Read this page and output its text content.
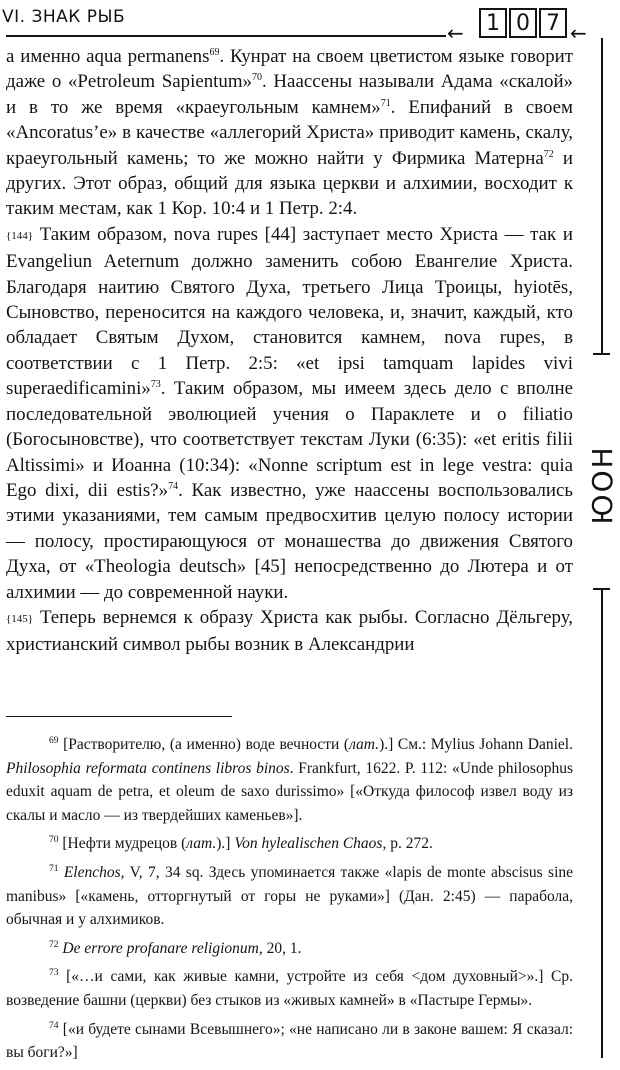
VI. ЗНАК РЫБ
←	1 0 7 ←
ЮОН

а именно aqua permanens$^{69}$. Кунрат на своем цветистом языке говорит даже о «Petroleum Sapientum»$^{70}$. Наассены называли Адама «скалой» и в то же время «краеугольным камнем»$^{71}$. Епифаний в своем «Ancoratus’e» в качестве «аллегорий Христа» приводит камень, скалу, краеугольный камень; то же можно найти у Фирмика Матерна$^{72}$ и других. Этот образ, общий для языка церкви и алхимии, восходит к таким местам, как 1 Кор. 10:4 и 1 Петр. 2:4.

{144} Таким образом, nova rupes [44] заступает место Христа — так и Evangeliun Aeternum должно заменить собою Евангелие Христа. Благодаря наитию Святого Духа, третьего Лица Троицы, hyiotēs, Сыновство, переносится на каждого человека, и, значит, каждый, кто обладает Святым Духом, становится камнем, nova rupes, в соответствии с 1 Петр. 2:5: «et ipsi tamquam lapides vivi superaedificamini»$^{73}$. Таким образом, мы имеем здесь дело с вполне последовательной эволюцией учения о Параклете и о filiatio (Богосыновстве), что соответствует текстам Луки (6:35): «et eritis filii Altissimi» и Иоанна (10:34): «Nonne scriptum est in lege vestra: quia Ego dixi, dii estis?»$^{74}$. Как известно, уже наассены воспользовались этими указаниями, тем самым предвосхитив целую полосу истории — полосу, простирающуюся от монашества до движения Святого Духа, от «Theologia deutsch» [45] непосредственно до Лютера и от алхимии — до современной науки.

{145} Теперь вернемся к образу Христа как рыбы. Согласно Дёльгеру, христианский символ рыбы возник в Александрии

$^{69}$ [Растворителю, (а именно) воде вечности (лат.).] См.: Mylius Johann Daniel. Philosophia reformata continens libros binos. Frankfurt, 1622. P. 112: «Unde philosophus eduxit aquam de petra, et oleum de saxo durissimo» [«Откуда философ извел воду из скалы и масло — из твердейших каменьев»].

$^{70}$ [Нефти мудрецов (лат.).] Von hylealischen Chaos, p. 272.

$^{71}$ Elenchos, V, 7, 34 sq. Здесь упоминается также «lapis de monte abscisus sine manibus» [«камень, отторгнутый от горы не руками»] (Дан. 2:45) — парабола, обычная и у алхимиков.

$^{72}$ De errore profanare religionum, 20, 1.

$^{73}$ [«…и сами, как живые камни, устройте из себя <дом духовный>».] Ср. возведение башни (церкви) без стыков из «живых камней» в «Пастыре Гермы».

$^{74}$ [«и будете сынами Всевышнего»; «не написано ли в законе вашем: Я сказал: вы боги?»]
